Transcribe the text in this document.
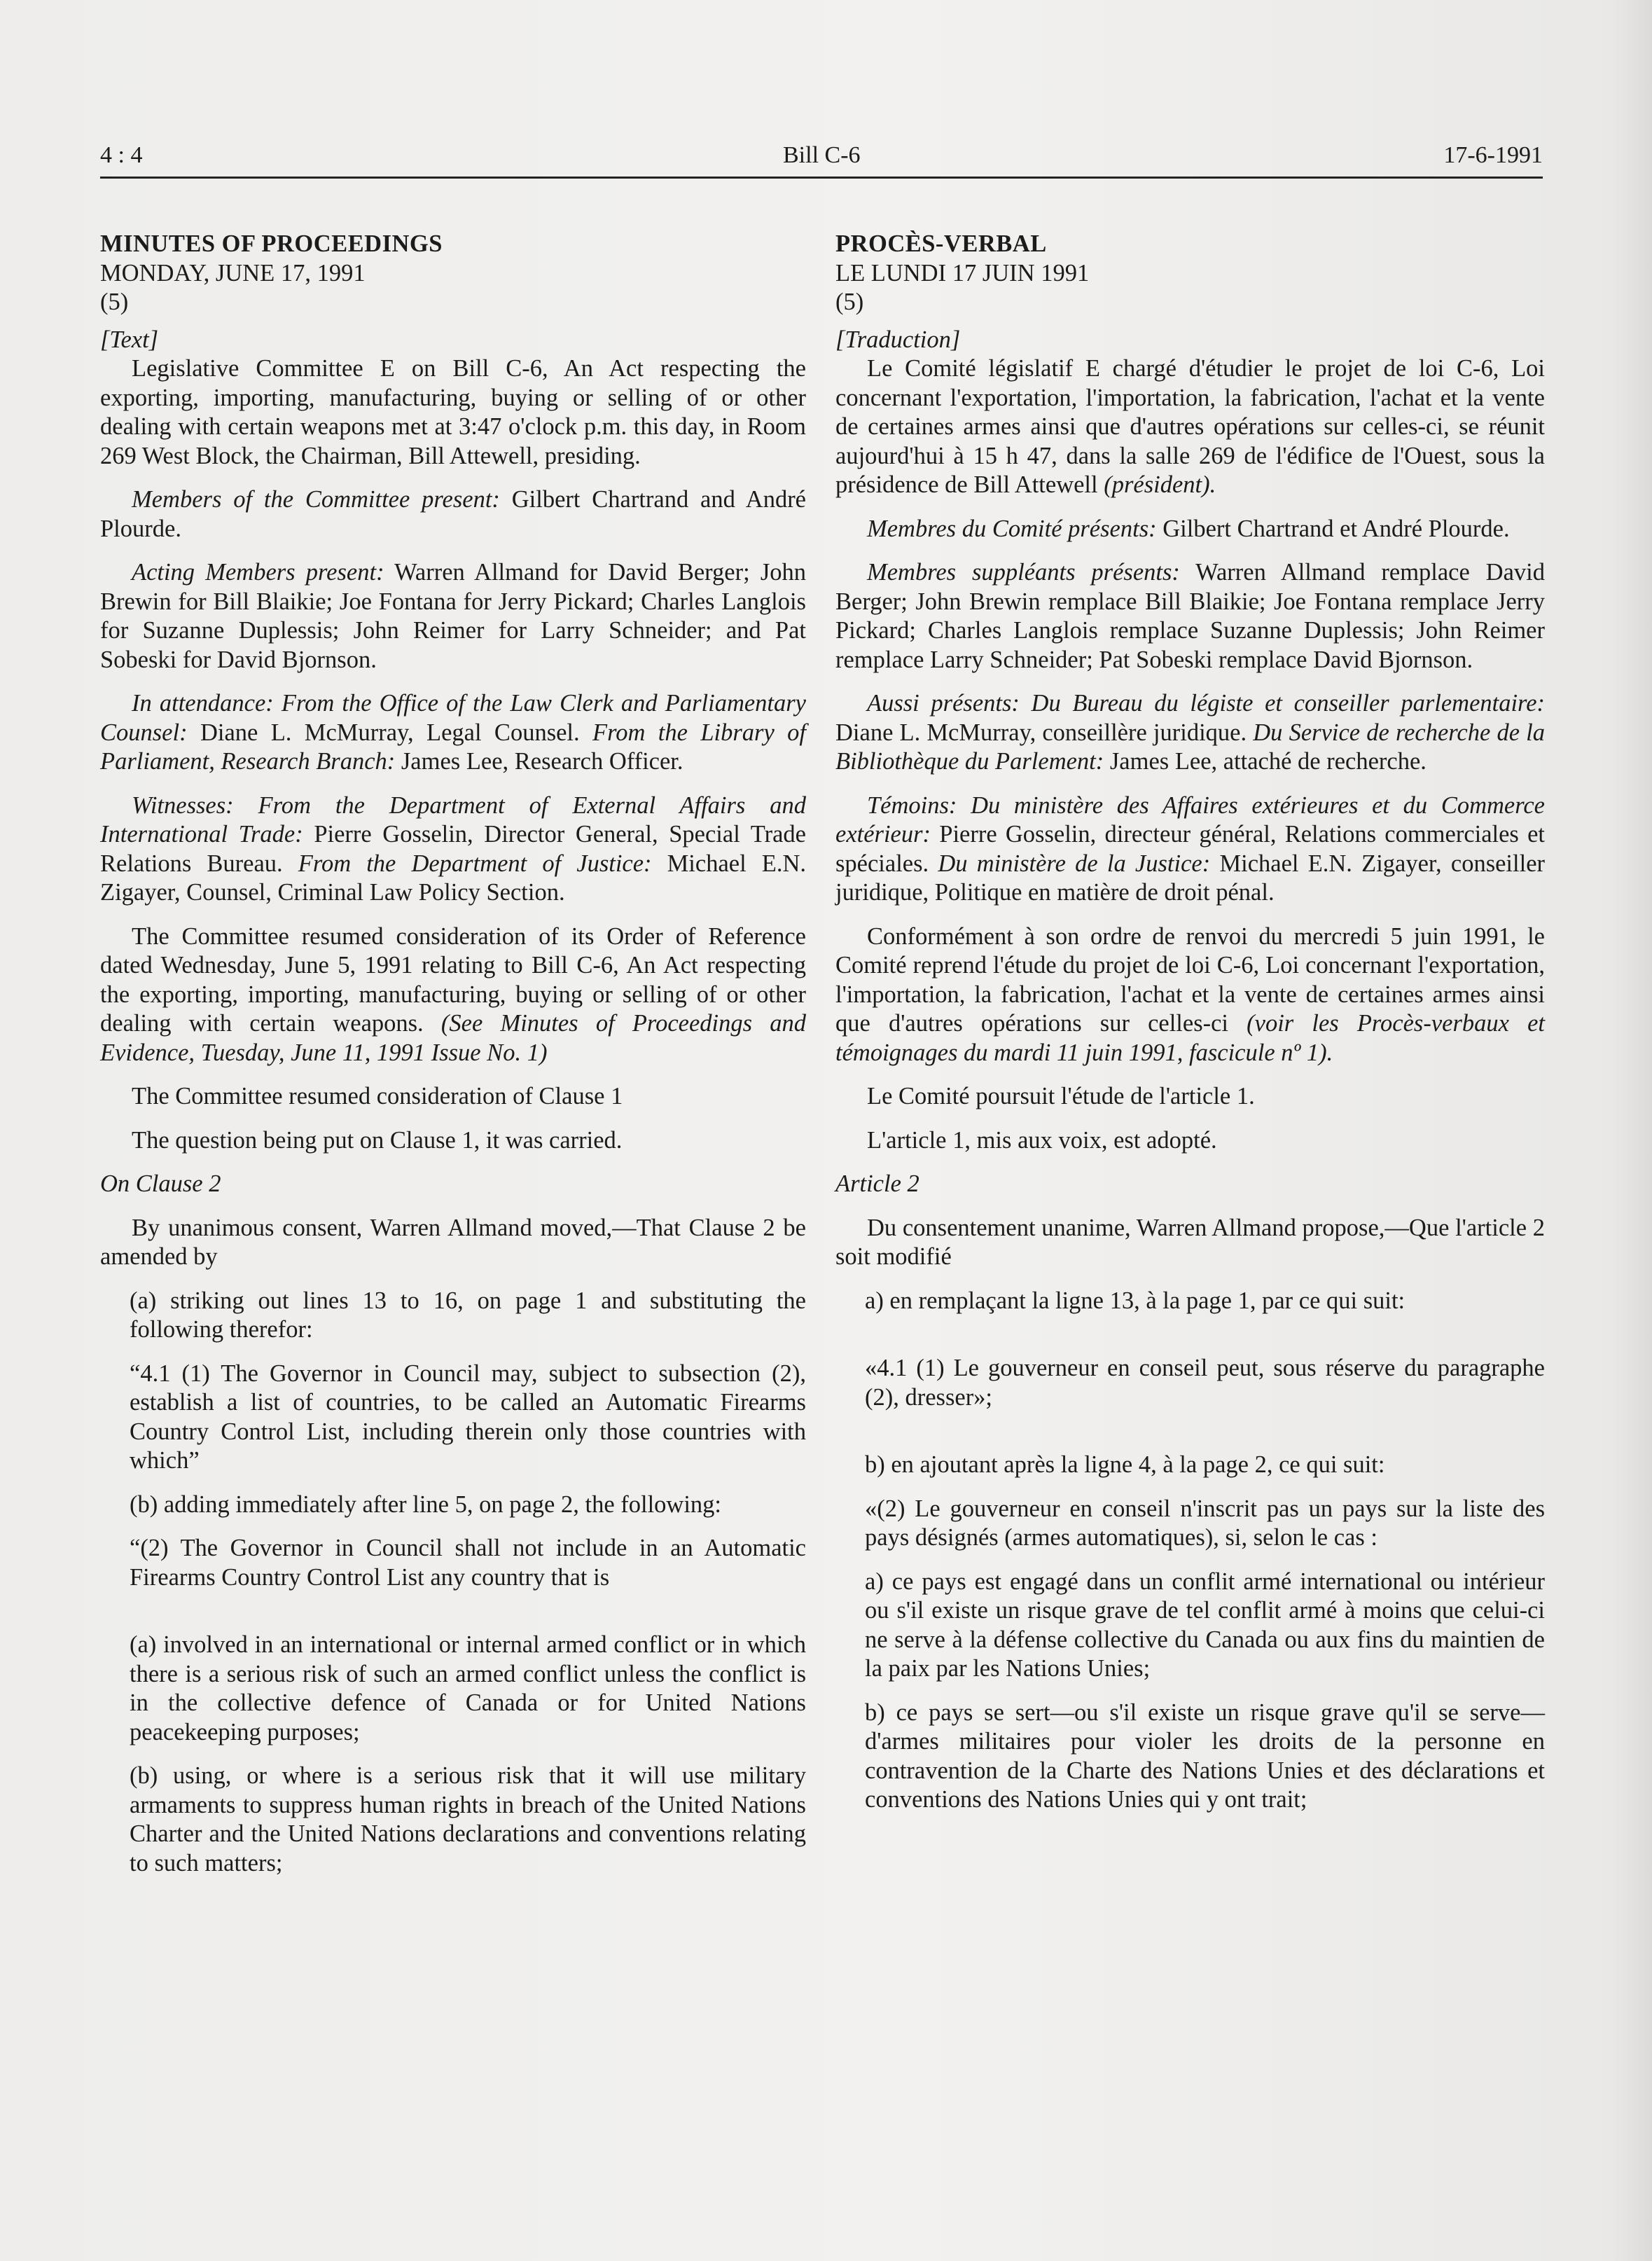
4 : 4	Bill C-6	17-6-1991

MINUTES OF PROCEEDINGS

MONDAY, JUNE 17, 1991

(5)

[Text]

Legislative Committee E on Bill C-6, An Act respecting the exporting, importing, manufacturing, buying or selling of or other dealing with certain weapons met at 3:47 o'clock p.m. this day, in Room 269 West Block, the Chairman, Bill Attewell, presiding.

Members of the Committee present: Gilbert Chartrand and André Plourde.

Acting Members present: Warren Allmand for David Berger; John Brewin for Bill Blaikie; Joe Fontana for Jerry Pickard; Charles Langlois for Suzanne Duplessis; John Reimer for Larry Schneider; and Pat Sobeski for David Bjornson.

In attendance: From the Office of the Law Clerk and Parliamentary Counsel: Diane L. McMurray, Legal Counsel. From the Library of Parliament, Research Branch: James Lee, Research Officer.

Witnesses: From the Department of External Affairs and International Trade: Pierre Gosselin, Director General, Special Trade Relations Bureau. From the Department of Justice: Michael E.N. Zigayer, Counsel, Criminal Law Policy Section.

The Committee resumed consideration of its Order of Reference dated Wednesday, June 5, 1991 relating to Bill C-6, An Act respecting the exporting, importing, manufacturing, buying or selling of or other dealing with certain weapons. (See Minutes of Proceedings and Evidence, Tuesday, June 11, 1991 Issue No. 1)

The Committee resumed consideration of Clause 1

The question being put on Clause 1, it was carried.

On Clause 2

By unanimous consent, Warren Allmand moved,—That Clause 2 be amended by

(a) striking out lines 13 to 16, on page 1 and substituting the following therefor:

“4.1 (1) The Governor in Council may, subject to subsection (2), establish a list of countries, to be called an Automatic Firearms Country Control List, including therein only those countries with which”

(b) adding immediately after line 5, on page 2, the following:

“(2) The Governor in Council shall not include in an Automatic Firearms Country Control List any country that is

(a) involved in an international or internal armed conflict or in which there is a serious risk of such an armed conflict unless the conflict is in the collective defence of Canada or for United Nations peacekeeping purposes;

(b) using, or where is a serious risk that it will use military armaments to suppress human rights in breach of the United Nations Charter and the United Nations declarations and conventions relating to such matters;

PROCÈS-VERBAL

LE LUNDI 17 JUIN 1991

(5)

[Traduction]

Le Comité législatif E chargé d'étudier le projet de loi C-6, Loi concernant l'exportation, l'importation, la fabrication, l'achat et la vente de certaines armes ainsi que d'autres opérations sur celles-ci, se réunit aujourd'hui à 15 h 47, dans la salle 269 de l'édifice de l'Ouest, sous la présidence de Bill Attewell (président).

Membres du Comité présents: Gilbert Chartrand et André Plourde.

Membres suppléants présents: Warren Allmand remplace David Berger; John Brewin remplace Bill Blaikie; Joe Fontana remplace Jerry Pickard; Charles Langlois remplace Suzanne Duplessis; John Reimer remplace Larry Schneider; Pat Sobeski remplace David Bjornson.

Aussi présents: Du Bureau du légiste et conseiller parlementaire: Diane L. McMurray, conseillère juridique. Du Service de recherche de la Bibliothèque du Parlement: James Lee, attaché de recherche.

Témoins: Du ministère des Affaires extérieures et du Commerce extérieur: Pierre Gosselin, directeur général, Relations commerciales et spéciales. Du ministère de la Justice: Michael E.N. Zigayer, conseiller juridique, Politique en matière de droit pénal.

Conformément à son ordre de renvoi du mercredi 5 juin 1991, le Comité reprend l'étude du projet de loi C-6, Loi concernant l'exportation, l'importation, la fabrication, l'achat et la vente de certaines armes ainsi que d'autres opérations sur celles-ci (voir les Procès-verbaux et témoignages du mardi 11 juin 1991, fascicule nº 1).

Le Comité poursuit l'étude de l'article 1.

L'article 1, mis aux voix, est adopté.

Article 2

Du consentement unanime, Warren Allmand propose,—Que l'article 2 soit modifié

a) en remplaçant la ligne 13, à la page 1, par ce qui suit:

«4.1 (1) Le gouverneur en conseil peut, sous réserve du paragraphe (2), dresser»;

b) en ajoutant après la ligne 4, à la page 2, ce qui suit:

«(2) Le gouverneur en conseil n'inscrit pas un pays sur la liste des pays désignés (armes automatiques), si, selon le cas :

a) ce pays est engagé dans un conflit armé international ou intérieur ou s'il existe un risque grave de tel conflit armé à moins que celui-ci ne serve à la défense collective du Canada ou aux fins du maintien de la paix par les Nations Unies;

b) ce pays se sert—ou s'il existe un risque grave qu'il se serve—d'armes militaires pour violer les droits de la personne en contravention de la Charte des Nations Unies et des déclarations et conventions des Nations Unies qui y ont trait;
